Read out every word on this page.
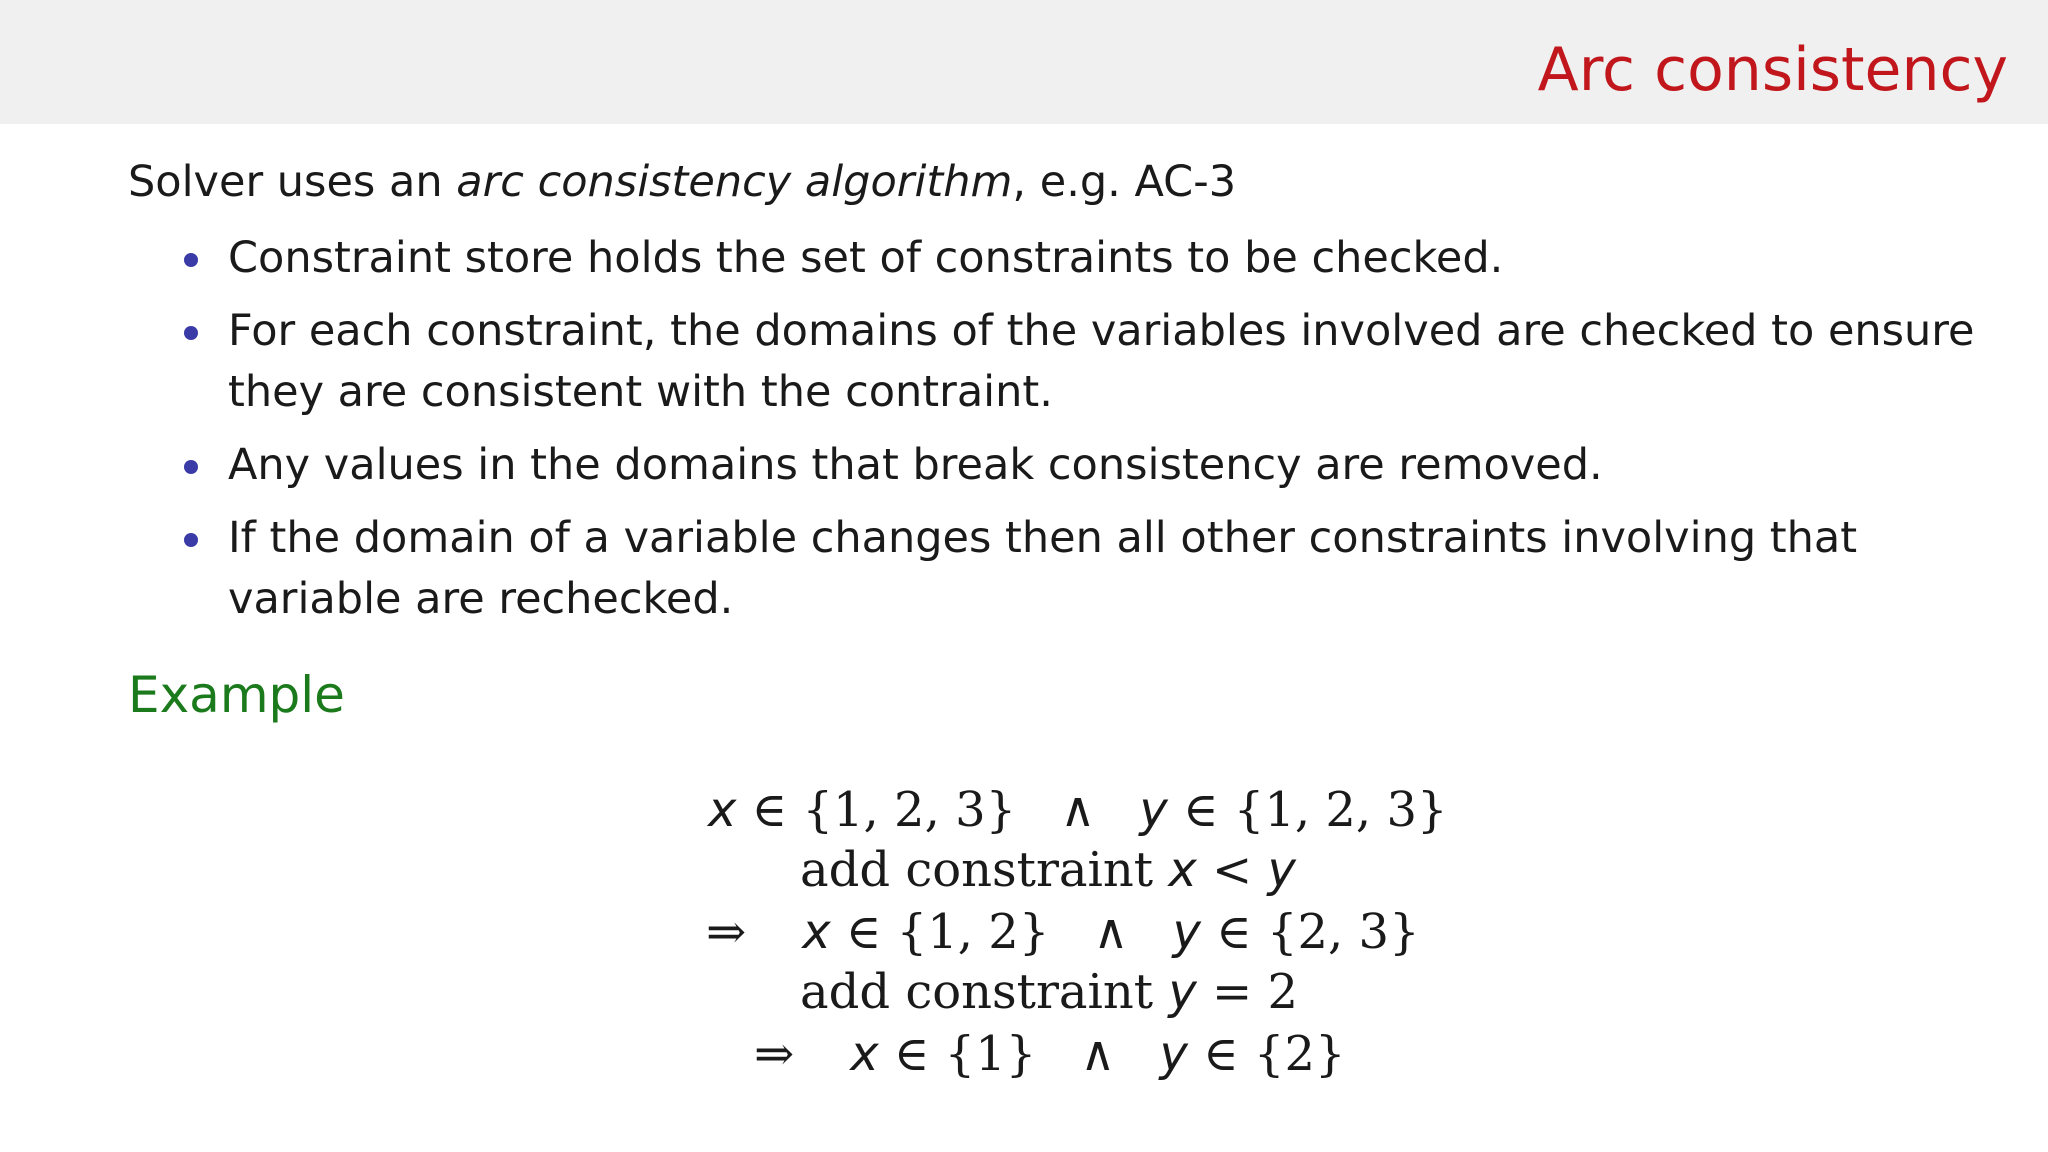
Arc consistency
Solver uses an arc consistency algorithm, e.g. AC-3
Constraint store holds the set of constraints to be checked.
For each constraint, the domains of the variables involved are checked to ensure they are consistent with the contraint.
Any values in the domains that break consistency are removed.
If the domain of a variable changes then all other constraints involving that variable are rechecked.
Example
x ∈ {1, 2, 3} ∧ y ∈ {1, 2, 3}
add constraint x < y
⇒ x ∈ {1, 2} ∧ y ∈ {2, 3}
add constraint y = 2
⇒ x ∈ {1} ∧ y ∈ {2}
